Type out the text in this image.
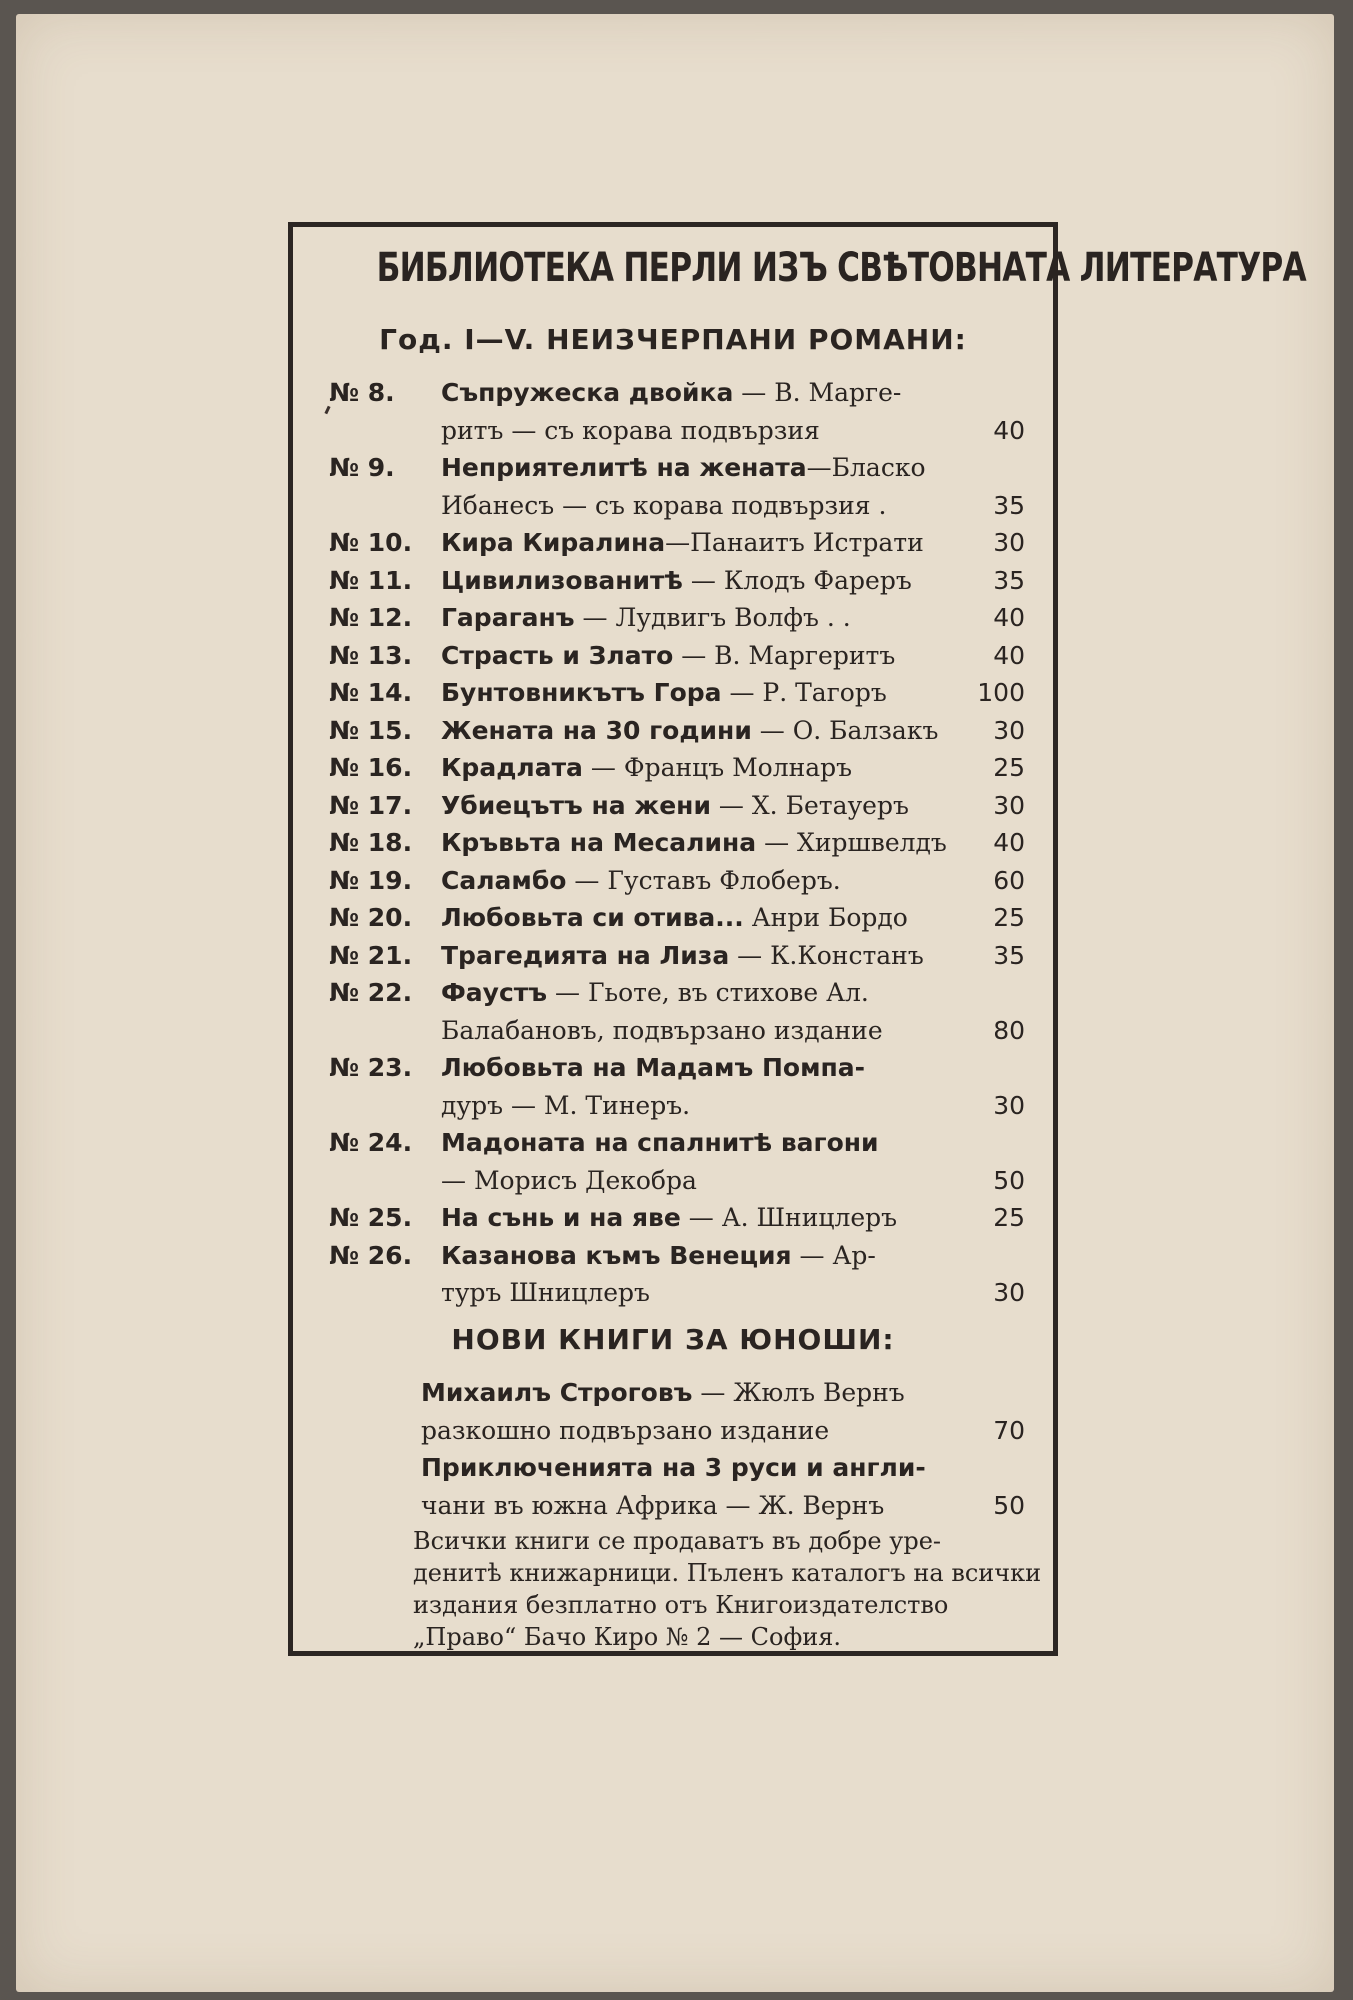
БИБЛИОТЕКА ПЕРЛИ ИЗЪ СВѢТОВНАТА ЛИТЕРАТУРА
Год. I—V. НЕИЗЧЕРПАНИ РОМАНИ:
№ 8. Съпружеска двойка — В. Марге-
ритъ — съ корава подвързия	40
№ 9. Неприятелитѣ на жената—Бласко
Ибанесъ — съ корава подвързия .	35
№ 10. Кира Киралина—Панаитъ Истрати	30
№ 11. Цивилизованитѣ — Клодъ Фареръ	35
№ 12. Гараганъ — Лудвигъ Волфъ . .	40
№ 13. Страсть и Злато — В. Маргеритъ	40
№ 14. Бунтовникътъ Гора — Р. Тагоръ	100
№ 15. Жената на 30 години — О. Балзакъ	30
№ 16. Крадлата — Францъ Молнаръ	25
№ 17. Убиецътъ на жени — Х. Бетауеръ	30
№ 18. Кръвьта на Месалина — Хиршвелдъ	40
№ 19. Саламбо — Густавъ Флоберъ.	60
№ 20. Любовьта си отива... Анри Бордо	25
№ 21. Трагедията на Лиза — К.Констанъ	35
№ 22. Фаустъ — Гьоте, въ стихове Ал.
Балабановъ, подвързано издание	80
№ 23. Любовьта на Мадамъ Помпа-
дуръ — М. Тинеръ.	30
№ 24. Мадоната на спалнитѣ вагони
— Морисъ Декобра	50
№ 25. На сънь и на яве — А. Шницлеръ	25
№ 26. Казанова къмъ Венеция — Ар-
туръ Шницлеръ	30
НОВИ КНИГИ ЗА ЮНОШИ:
Михаилъ Строговъ — Жюлъ Вернъ
разкошно подвързано издание	70
Приключенията на 3 руси и англи-
чани въ южна Африка — Ж. Вернъ	50
Всички книги се продаватъ въ добре уре-
денитѣ книжарници. Пъленъ каталогъ на всички
издания безплатно отъ Книгоиздателство
„Право“ Бачо Киро № 2 — София.
